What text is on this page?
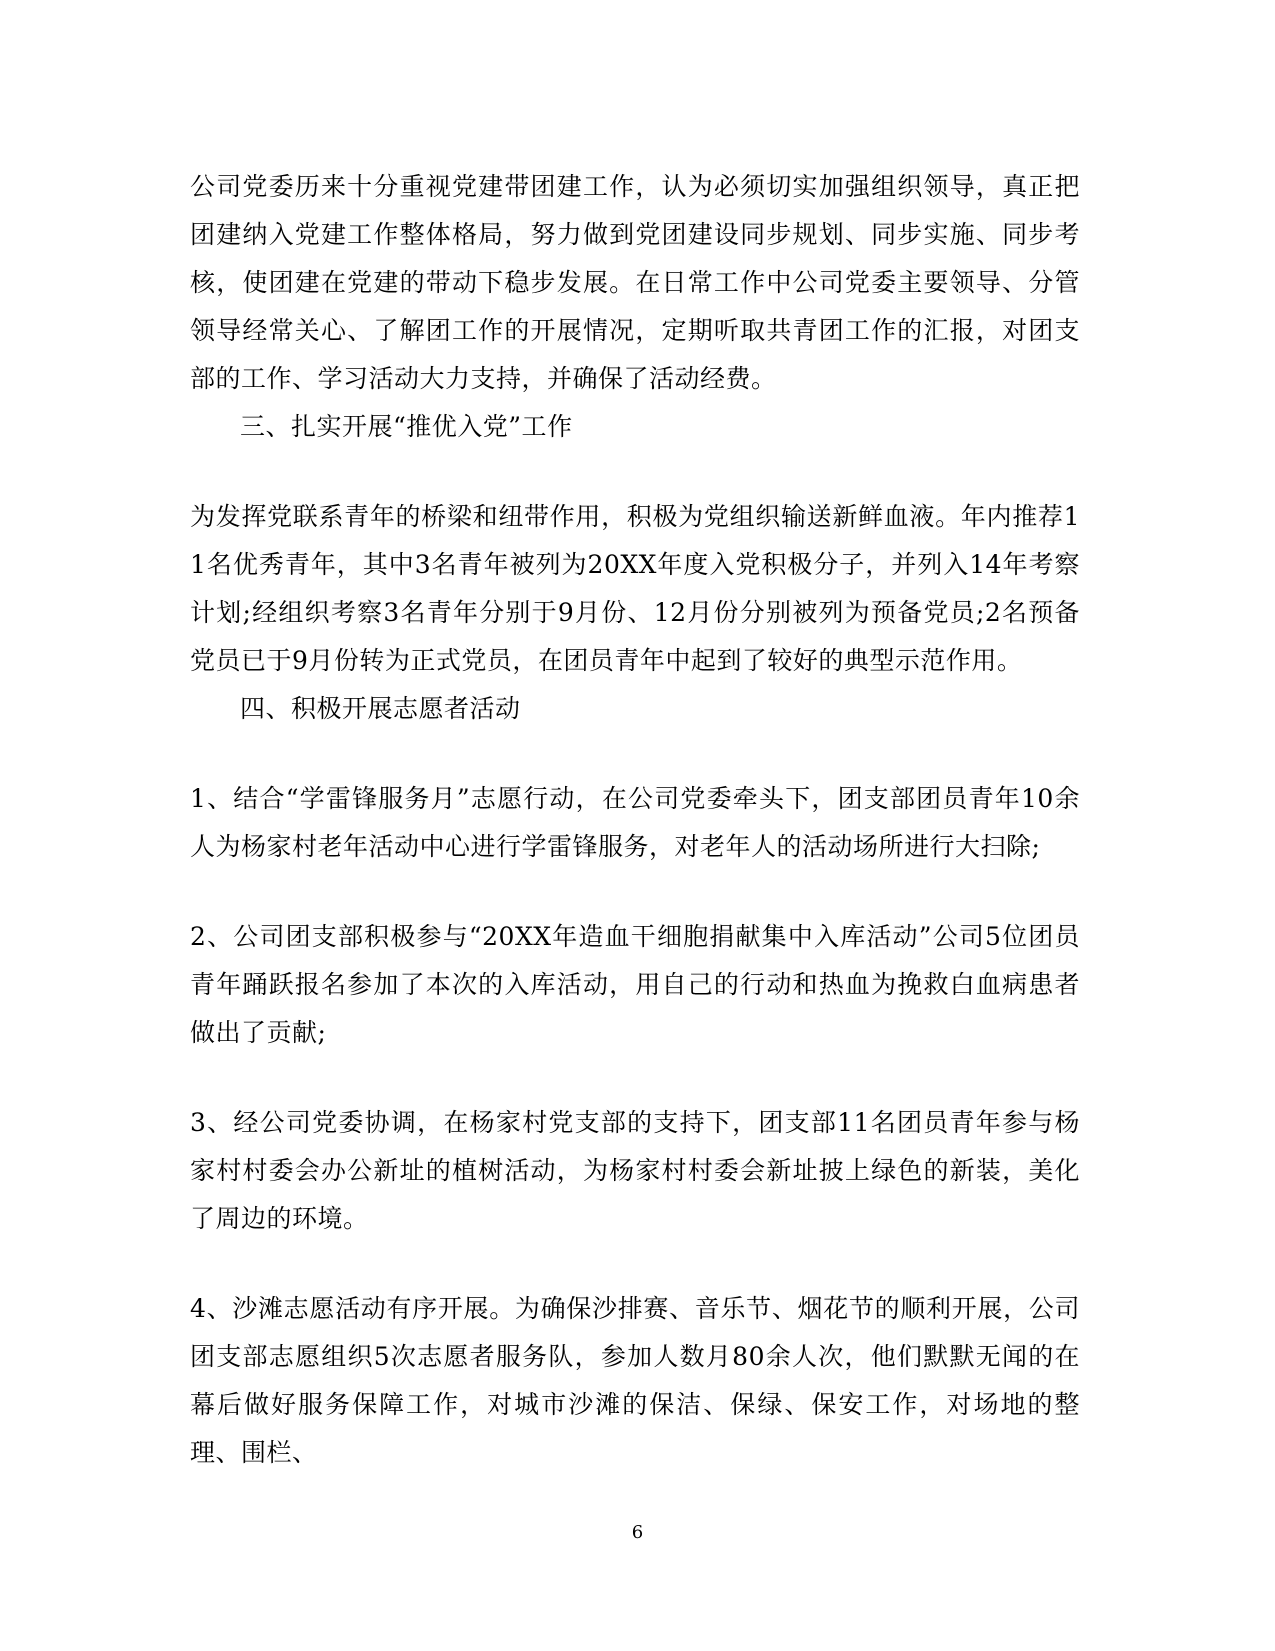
公司党委历来十分重视党建带团建工作，认为必须切实加强组织领导，真正把团建纳入党建工作整体格局，努力做到党团建设同步规划、同步实施、同步考核，使团建在党建的带动下稳步发展。在日常工作中公司党委主要领导、分管领导经常关心、了解团工作的开展情况，定期听取共青团工作的汇报，对团支部的工作、学习活动大力支持，并确保了活动经费。

三、扎实开展“推优入党”工作

为发挥党联系青年的桥梁和纽带作用，积极为党组织输送新鲜血液。年内推荐11名优秀青年，其中3名青年被列为20XX年度入党积极分子，并列入14年考察计划;经组织考察3名青年分别于9月份、12月份分别被列为预备党员;2名预备党员已于9月份转为正式党员，在团员青年中起到了较好的典型示范作用。

四、积极开展志愿者活动

1、结合“学雷锋服务月”志愿行动，在公司党委牵头下，团支部团员青年10余人为杨家村老年活动中心进行学雷锋服务，对老年人的活动场所进行大扫除;

2、公司团支部积极参与“20XX年造血干细胞捐献集中入库活动”公司5位团员青年踊跃报名参加了本次的入库活动，用自己的行动和热血为挽救白血病患者做出了贡献;

3、经公司党委协调，在杨家村党支部的支持下，团支部11名团员青年参与杨家村村委会办公新址的植树活动，为杨家村村委会新址披上绿色的新装，美化了周边的环境。

4、沙滩志愿活动有序开展。为确保沙排赛、音乐节、烟花节的顺利开展，公司团支部志愿组织5次志愿者服务队，参加人数月80余人次，他们默默无闻的在幕后做好服务保障工作，对城市沙滩的保洁、保绿、保安工作，对场地的整理、围栏、

6
